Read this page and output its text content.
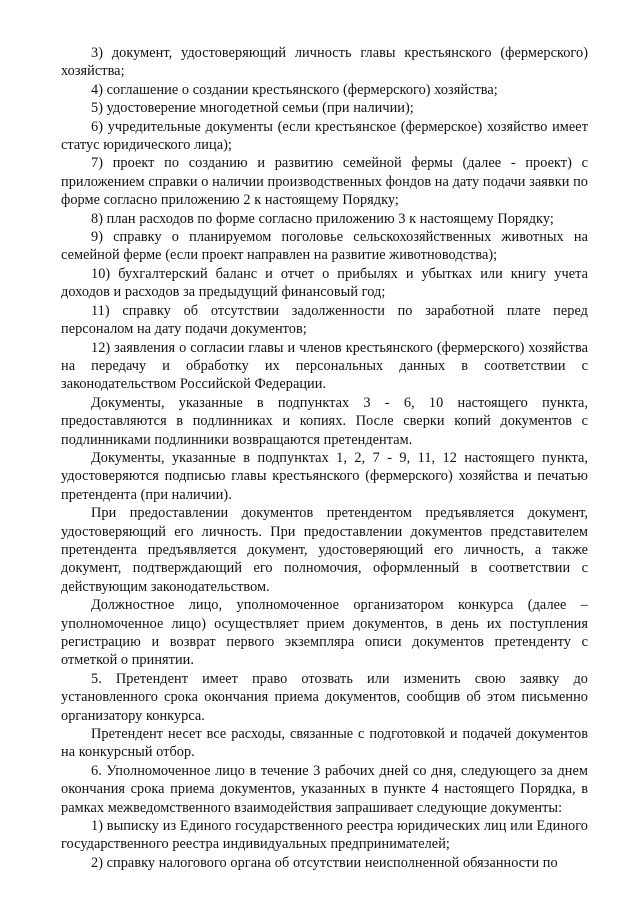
3) документ, удостоверяющий личность главы крестьянского (фермерского) хозяйства;

4) соглашение о создании крестьянского (фермерского) хозяйства;

5) удостоверение многодетной семьи (при наличии);

6) учредительные документы (если крестьянское (фермерское) хозяйство имеет статус юридического лица);

7) проект по созданию и развитию семейной фермы (далее - проект) с приложением справки о наличии производственных фондов на дату подачи заявки по форме согласно приложению 2 к настоящему Порядку;

8) план расходов по форме согласно приложению 3 к настоящему Порядку;

9) справку о планируемом поголовье сельскохозяйственных животных на семейной ферме (если проект направлен на развитие животноводства);

10) бухгалтерский баланс и отчет о прибылях и убытках или книгу учета доходов и расходов за предыдущий финансовый год;

11) справку об отсутствии задолженности по заработной плате перед персоналом на дату подачи документов;

12) заявления о согласии главы и членов крестьянского (фермерского) хозяйства на передачу и обработку их персональных данных в соответствии с законодательством Российской Федерации.

Документы, указанные в подпунктах 3 - 6, 10 настоящего пункта, предоставляются в подлинниках и копиях. После сверки копий документов с подлинниками подлинники возвращаются претендентам.

Документы, указанные в подпунктах 1, 2, 7 - 9, 11, 12 настоящего пункта, удостоверяются подписью главы крестьянского (фермерского) хозяйства и печатью претендента (при наличии).

При предоставлении документов претендентом предъявляется документ, удостоверяющий его личность. При предоставлении документов представителем претендента предъявляется документ, удостоверяющий его личность, а также документ, подтверждающий его полномочия, оформленный в соответствии с действующим законодательством.

Должностное лицо, уполномоченное организатором конкурса (далее – уполномоченное лицо) осуществляет прием документов, в день их поступления регистрацию и возврат первого экземпляра описи документов претенденту с отметкой о принятии.

5. Претендент имеет право отозвать или изменить свою заявку до установленного срока окончания приема документов, сообщив об этом письменно организатору конкурса.

Претендент несет все расходы, связанные с подготовкой и подачей документов на конкурсный отбор.

6. Уполномоченное лицо в течение 3 рабочих дней со дня, следующего за днем окончания срока приема документов, указанных в пункте 4 настоящего Порядка, в рамках межведомственного взаимодействия запрашивает следующие документы:

1) выписку из Единого государственного реестра юридических лиц или Единого государственного реестра индивидуальных предпринимателей;

2) справку налогового органа об отсутствии неисполненной обязанности по
